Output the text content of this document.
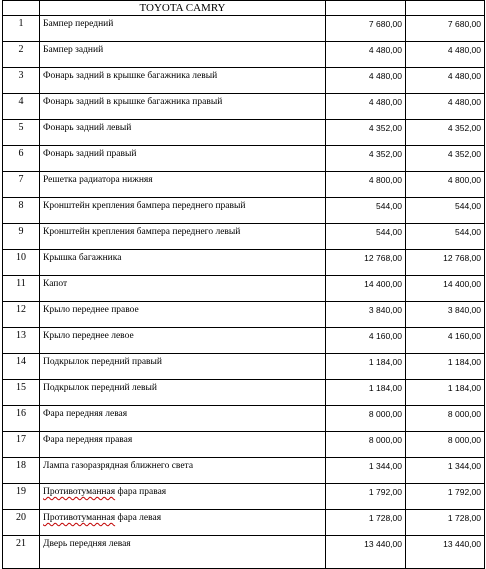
	TOYOTA CAMRY		
1	Бампер передний	7 680,00	7 680,00
2	Бампер задний	4 480,00	4 480,00
3	Фонарь задний в крышке багажника левый	4 480,00	4 480,00
4	Фонарь задний в крышке багажника правый	4 480,00	4 480,00
5	Фонарь задний левый	4 352,00	4 352,00
6	Фонарь задний правый	4 352,00	4 352,00
7	Решетка радиатора нижняя	4 800,00	4 800,00
8	Кронштейн крепления бампера переднего правый	544,00	544,00
9	Кронштейн крепления бампера переднего левый	544,00	544,00
10	Крышка багажника	12 768,00	12 768,00
11	Капот	14 400,00	14 400,00
12	Крыло переднее правое	3 840,00	3 840,00
13	Крыло переднее левое	4 160,00	4 160,00
14	Подкрылок передний правый	1 184,00	1 184,00
15	Подкрылок передний левый	1 184,00	1 184,00
16	Фара передняя левая	8 000,00	8 000,00
17	Фара передняя правая	8 000,00	8 000,00
18	Лампа газоразрядная ближнего света	1 344,00	1 344,00
19	Противотуманная фара правая	1 792,00	1 792,00
20	Противотуманная фара левая	1 728,00	1 728,00
21	Дверь передняя левая	13 440,00	13 440,00
